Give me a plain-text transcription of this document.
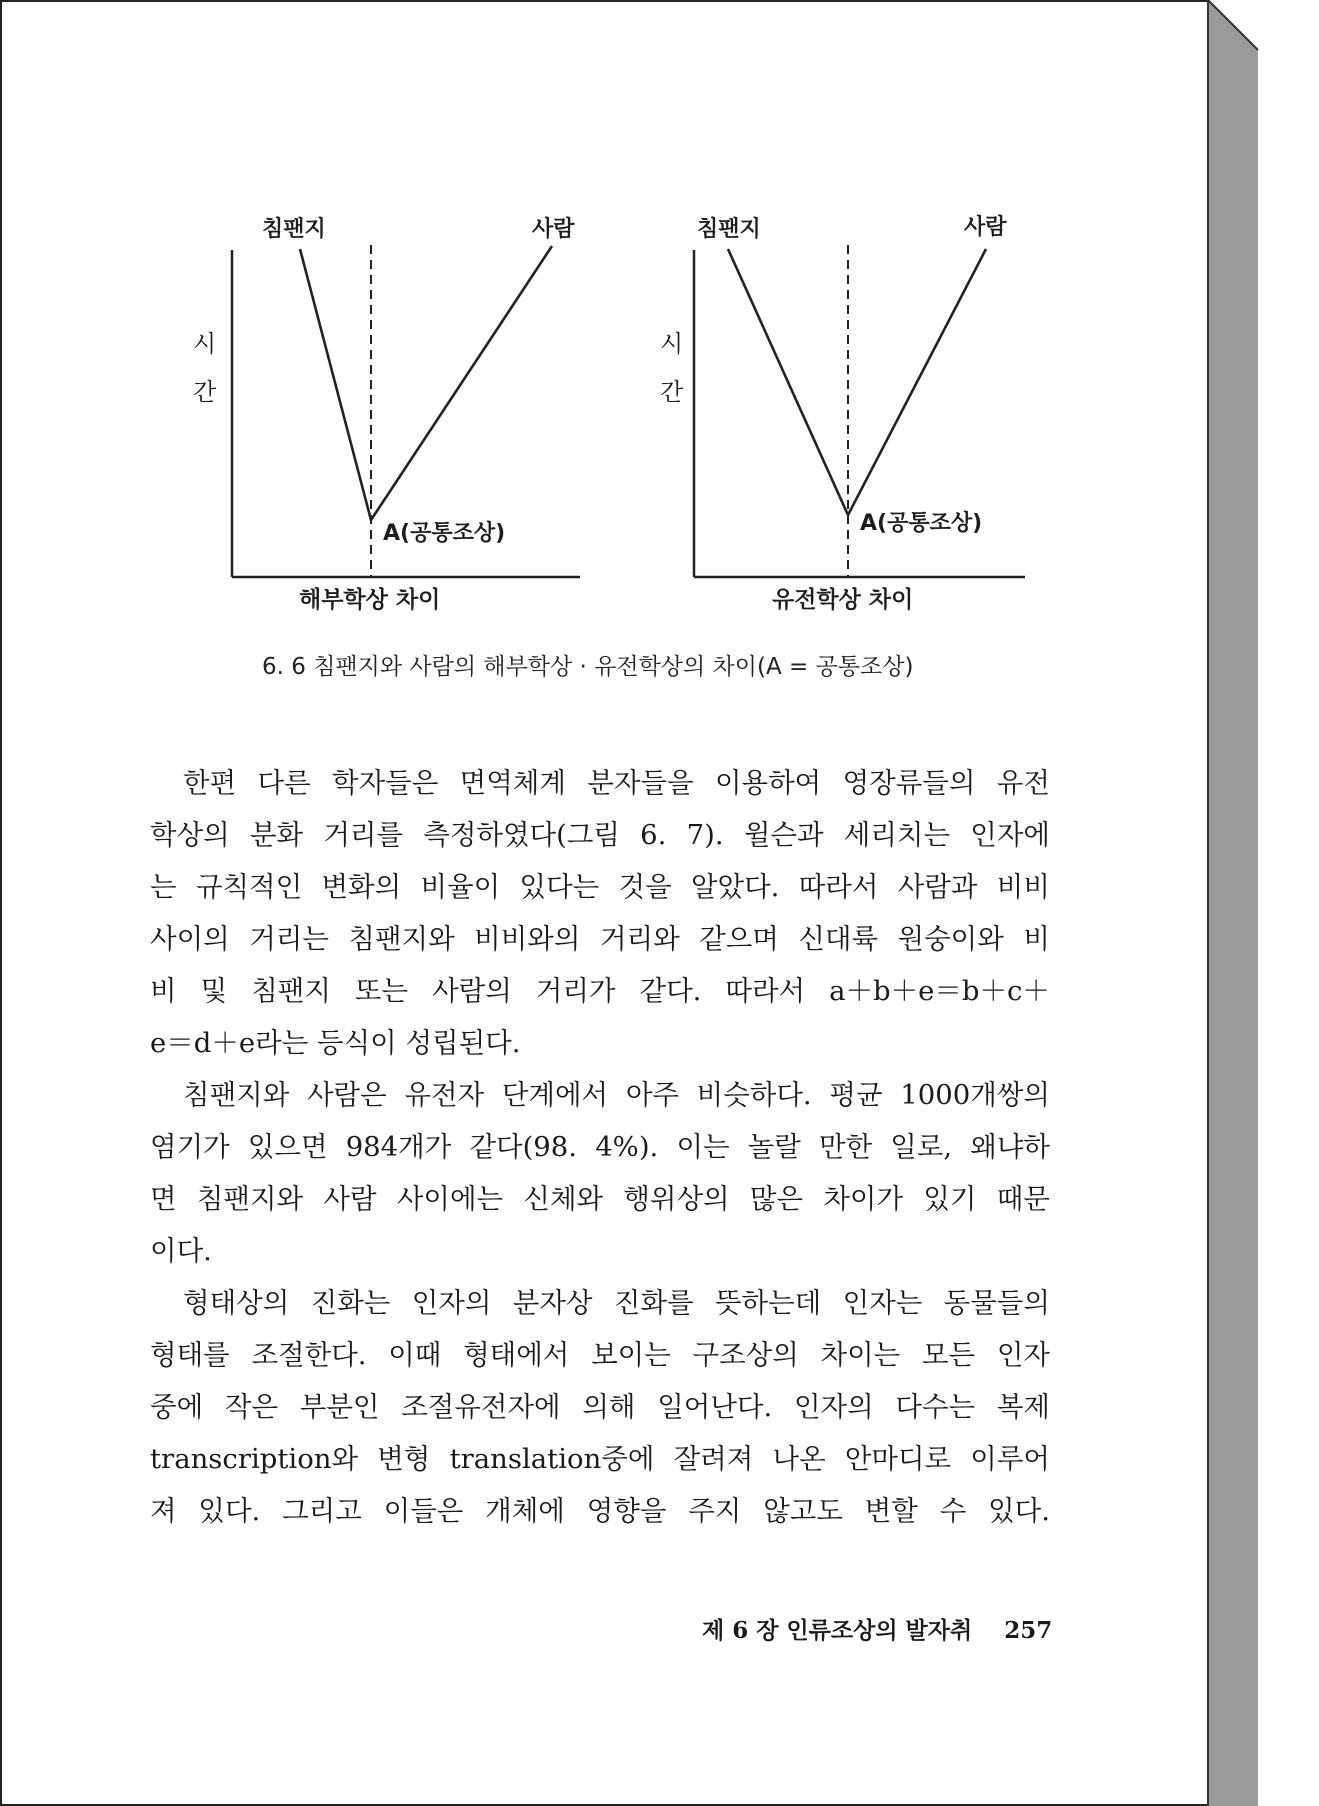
침팬지	사람
시
간
A(공통조상)
해부학상 차이
침팬지	사람
시
간
A(공통조상)
유전학상 차이
6. 6 침팬지와 사람의 해부학상 · 유전학상의 차이(A = 공통조상)
한편 다른 학자들은 면역체계 분자들을 이용하여 영장류들의 유전
학상의 분화 거리를 측정하였다(그림 6. 7). 윌슨과 세리치는 인자에
는 규칙적인 변화의 비율이 있다는 것을 알았다. 따라서 사람과 비비
사이의 거리는 침팬지와 비비와의 거리와 같으며 신대륙 원숭이와 비
비 및 침팬지 또는 사람의 거리가 같다. 따라서 a＋b＋e＝b＋c＋
e＝d＋e라는 등식이 성립된다.
침팬지와 사람은 유전자 단계에서 아주 비슷하다. 평균 1000개쌍의
염기가 있으면 984개가 같다(98. 4%). 이는 놀랄 만한 일로, 왜냐하
면 침팬지와 사람 사이에는 신체와 행위상의 많은 차이가 있기 때문
이다.
형태상의 진화는 인자의 분자상 진화를 뜻하는데 인자는 동물들의
형태를 조절한다. 이때 형태에서 보이는 구조상의 차이는 모든 인자
중에 작은 부분인 조절유전자에 의해 일어난다. 인자의 다수는 복제
transcription와 변형 translation중에 잘려져 나온 안마디로 이루어
져 있다. 그리고 이들은 개체에 영향을 주지 않고도 변할 수 있다.
제 6 장 인류조상의 발자취 257
